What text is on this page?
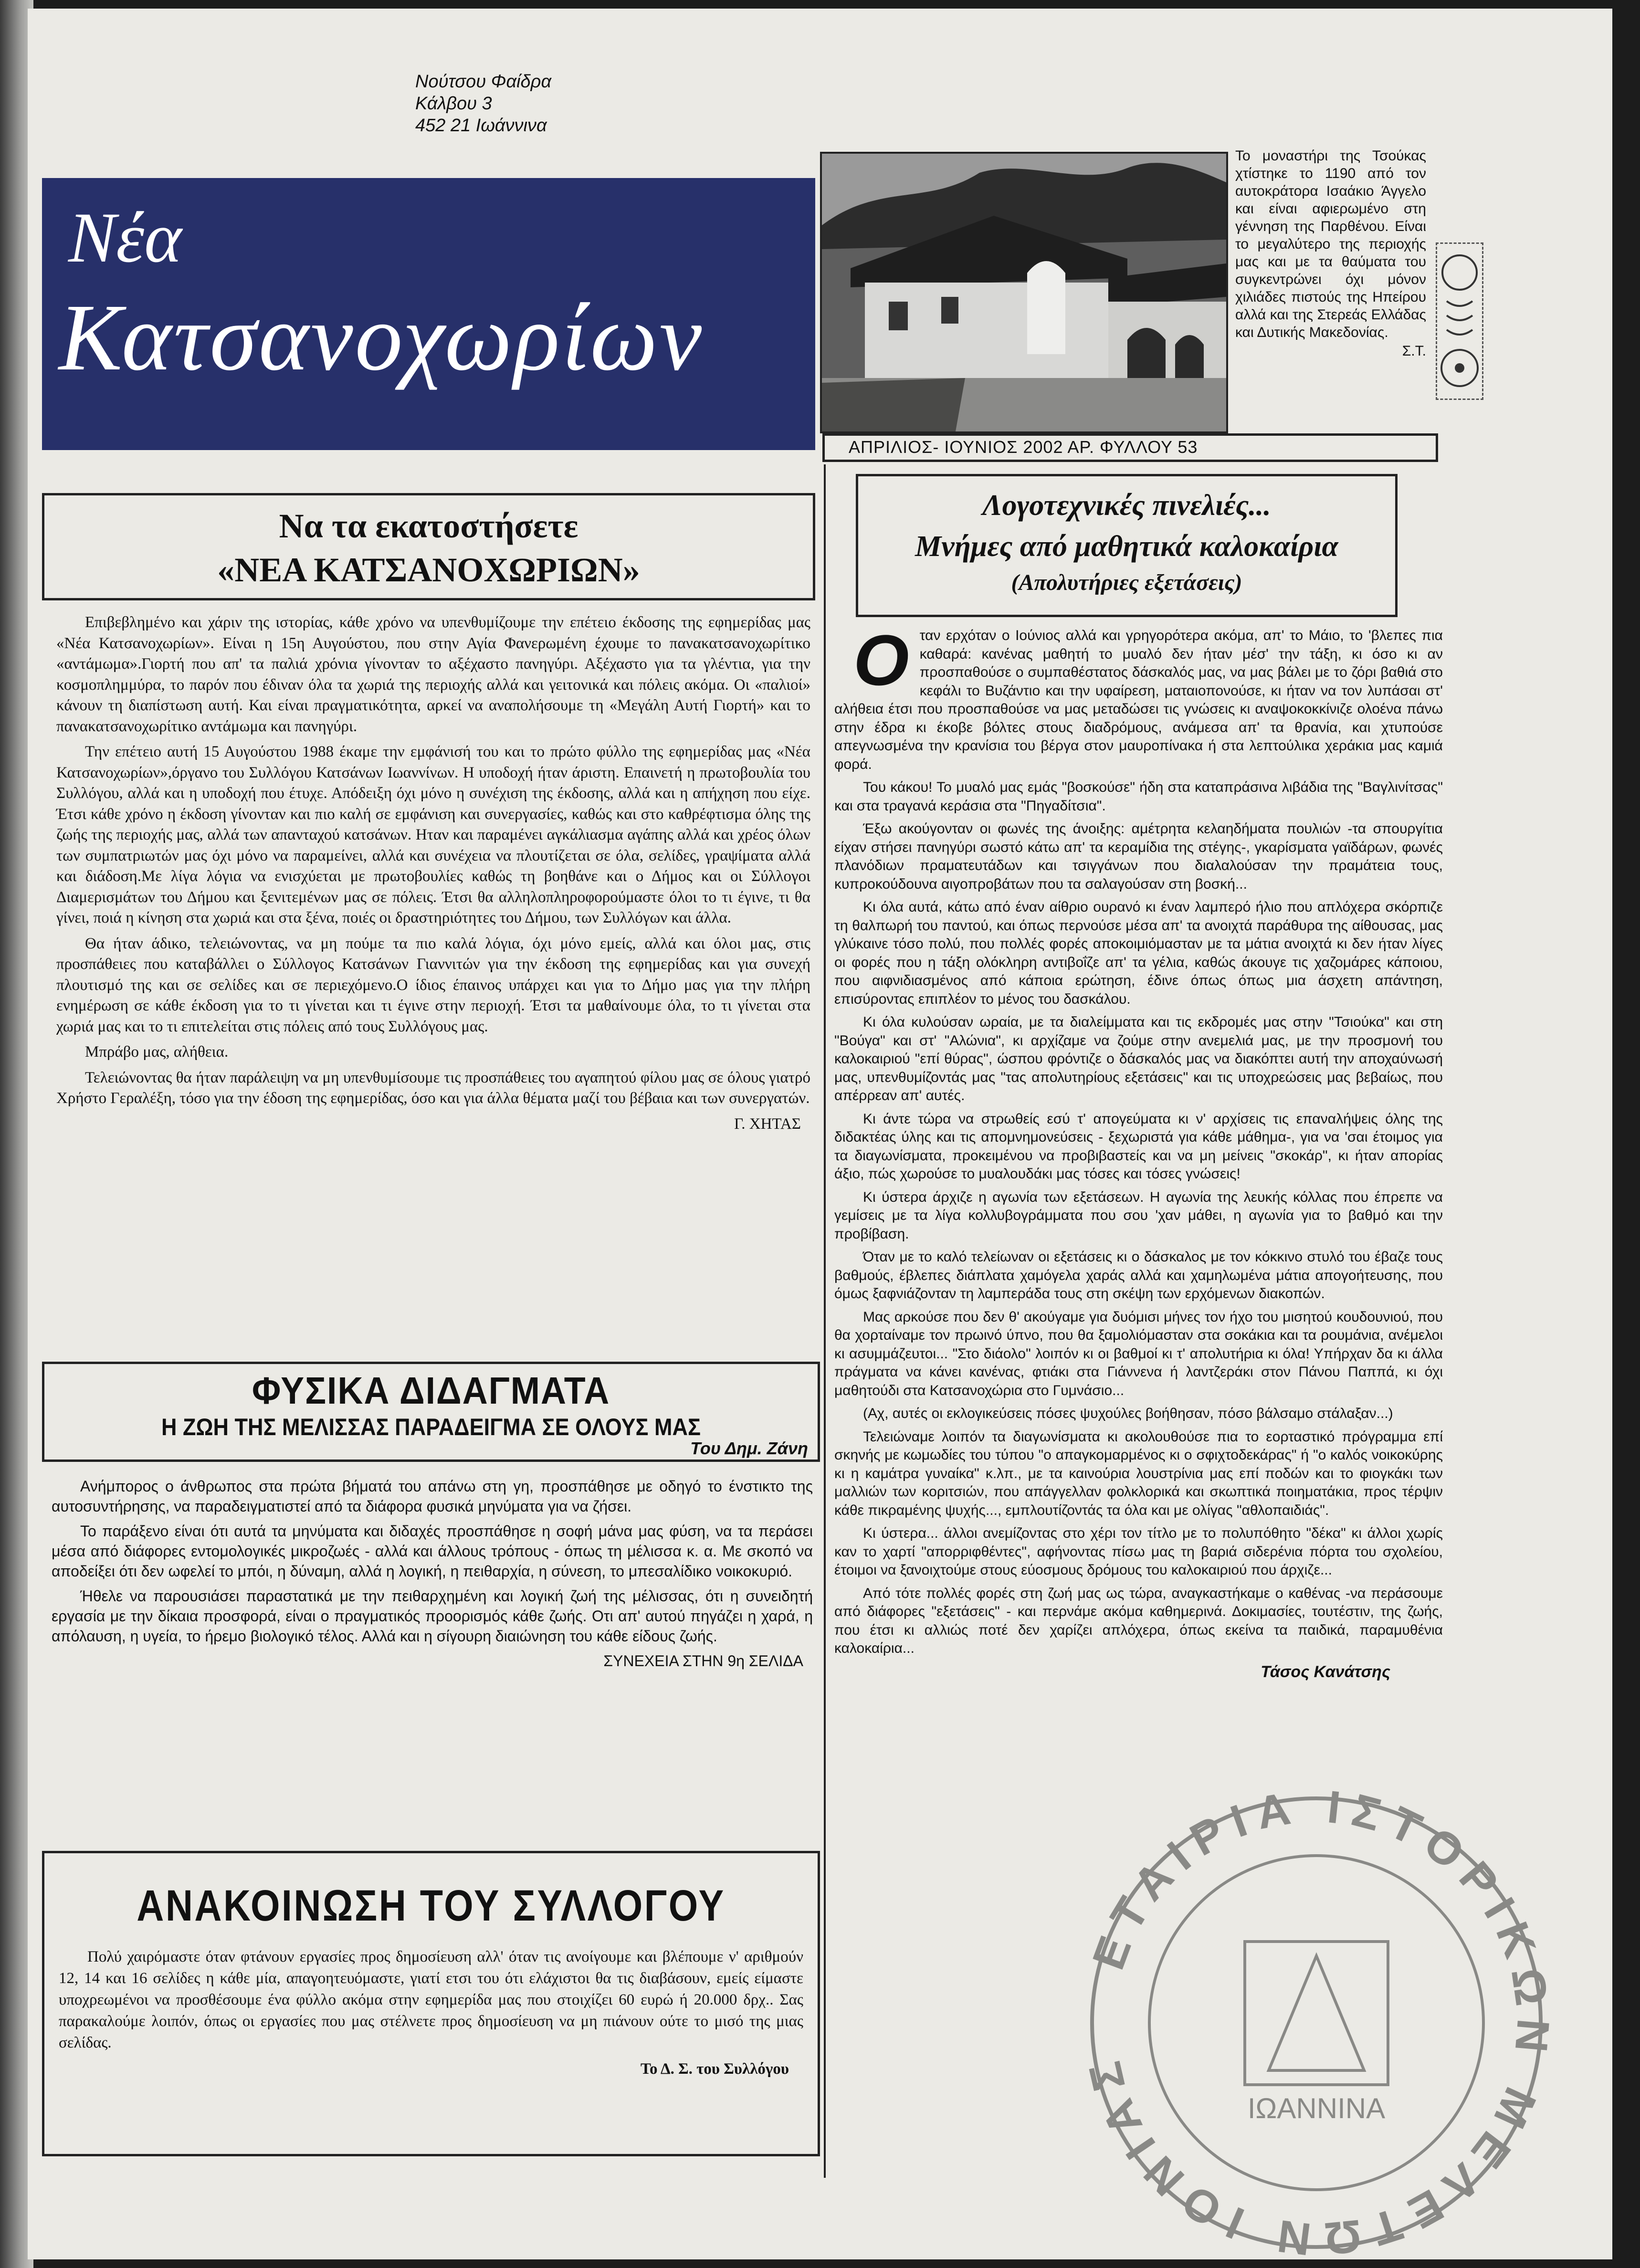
Νούτσου Φαίδρα
Κάλβου 3
452 21 Ιωάννινα
Νέα
Κατσανοχωρίων
Το μοναστήρι της Τσούκας χτίστηκε το 1190 από τον αυτοκράτορα Ισαάκιο Άγγελο και είναι αφιερωμένο στη γέννηση της Παρθένου. Είναι το μεγαλύτερο της περιοχής μας και με τα θαύματα του συγκεντρώνει όχι μόνον χιλιάδες πιστούς της Ηπείρου αλλά και της Στερεάς Ελλάδας και Δυτικής Μακεδονίας.
Σ.Τ.
ΑΠΡΙΛΙΟΣ- ΙΟΥΝΙΟΣ 2002 ΑΡ. ΦΥΛΛΟΥ 53
Να τα εκατοστήσετε
«ΝΕΑ ΚΑΤΣΑΝΟΧΩΡΙΩΝ»

Επιβεβλημένο και χάριν της ιστορίας, κάθε χρόνο να υπενθυμίζουμε την επέτειο έκδοσης της εφημερίδας μας «Νέα Κατσανοχωρίων». Είναι η 15η Αυγούστου, που στην Αγία Φανερωμένη έχουμε το πανακατσανοχωρίτικο «αντάμωμα».Γιορτή που απ' τα παλιά χρόνια γίνονταν το αξέχαστο πανηγύρι. Αξέχαστο για τα γλέντια, για την κοσμοπλημμύρα, το παρόν που έδιναν όλα τα χωριά της περιοχής αλλά και γειτονικά και πόλεις ακόμα. Οι «παλιοί» κάνουν τη διαπίστωση αυτή. Και είναι πραγματικότητα, αρκεί να αναπολήσουμε τη «Μεγάλη Αυτή Γιορτή» και το πανακατσανοχωρίτικο αντάμωμα και πανηγύρι.

Την επέτειο αυτή 15 Αυγούστου 1988 έκαμε την εμφάνισή του και το πρώτο φύλλο της εφημερίδας μας «Νέα Κατσανοχωρίων»,όργανο του Συλλόγου Κατσάνων Ιωαννίνων. Η υποδοχή ήταν άριστη. Επαινετή η πρωτοβουλία του Συλλόγου, αλλά και η υποδοχή που έτυχε. Απόδειξη όχι μόνο η συνέχιση της έκδοσης, αλλά και η απήχηση που είχε. Έτσι κάθε χρόνο η έκδοση γίνονταν και πιο καλή σε εμφάνιση και συνεργασίες, καθώς και στο καθρέφτισμα όλης της ζωής της περιοχής μας, αλλά των απανταχού κατσάνων. Ηταν και παραμένει αγκάλιασμα αγάπης αλλά και χρέος όλων των συμπατριωτών μας όχι μόνο να παραμείνει, αλλά και συνέχεια να πλουτίζεται σε όλα, σελίδες, γραψίματα αλλά και διάδοση.Με λίγα λόγια να ενισχύεται με πρωτοβουλίες καθώς τη βοηθάνε και ο Δήμος και οι Σύλλογοι Διαμερισμάτων του Δήμου και ξενιτεμένων μας σε πόλεις. Έτσι θα αλληλοπληροφορούμαστε όλοι το τι έγινε, τι θα γίνει, ποιά η κίνηση στα χωριά και στα ξένα, ποιές οι δραστηριότητες του Δήμου, των Συλλόγων και άλλα.

Θα ήταν άδικο, τελειώνοντας, να μη πούμε τα πιο καλά λόγια, όχι μόνο εμείς, αλλά και όλοι μας, στις προσπάθειες που καταβάλλει ο Σύλλογος Κατσάνων Γιαννιτών για την έκδοση της εφημερίδας και για συνεχή πλουτισμό της και σε σελίδες και σε περιεχόμενο.Ο ίδιος έπαινος υπάρχει και για το Δήμο μας για την πλήρη ενημέρωση σε κάθε έκδοση για το τι γίνεται και τι έγινε στην περιοχή. Έτσι τα μαθαίνουμε όλα, το τι γίνεται στα χωριά μας και το τι επιτελείται στις πόλεις από τους Συλλόγους μας.

Μπράβο μας, αλήθεια.

Τελειώνοντας θα ήταν παράλειψη να μη υπενθυμίσουμε τις προσπάθειες του αγαπητού φίλου μας σε όλους γιατρό Χρήστο Γεραλέξη, τόσο για την έδοση της εφημερίδας, όσο και για άλλα θέματα μαζί του βέβαια και των συνεργατών.

Γ. ΧΗΤΑΣ
ΦΥΣΙΚΑ ΔΙΔΑΓΜΑΤΑ
Η ΖΩΗ ΤΗΣ ΜΕΛΙΣΣΑΣ ΠΑΡΑΔΕΙΓΜΑ ΣΕ ΟΛΟΥΣ ΜΑΣ
Του Δημ. Ζάνη

Ανήμπορος ο άνθρωπος στα πρώτα βήματά του απάνω στη γη, προσπάθησε με οδηγό το ένστικτο της αυτοσυντήρησης, να παραδειγματιστεί από τα διάφορα φυσικά μηνύματα για να ζήσει.

Το παράξενο είναι ότι αυτά τα μηνύματα και διδαχές προσπάθησε η σοφή μάνα μας φύση, να τα περάσει μέσα από διάφορες εντομολογικές μικροζωές - αλλά και άλλους τρόπους - όπως τη μέλισσα κ. α. Με σκοπό να αποδείξει ότι δεν ωφελεί το μπόι, η δύναμη, αλλά η λογική, η πειθαρχία, η σύνεση, το μπεσαλίδικο νοικοκυριό.

Ήθελε να παρουσιάσει παραστατικά με την πειθαρχημένη και λογική ζωή της μέλισσας, ότι η συνειδητή εργασία με την δίκαια προσφορά, είναι ο πραγματικός προορισμός κάθε ζωής. Οτι απ' αυτού πηγάζει η χαρά, η απόλαυση, η υγεία, το ήρεμο βιολογικό τέλος. Αλλά και η σίγουρη διαιώνηση του κάθε είδους ζωής.

ΣΥΝΕΧΕΙΑ ΣΤΗΝ 9η ΣΕΛΙΔΑ
ΑΝΑΚΟΙΝΩΣΗ ΤΟΥ ΣΥΛΛΟΓΟΥ
Πολύ χαιρόμαστε όταν φτάνουν εργασίες προς δημοσίευση αλλ' όταν τις ανοίγουμε και βλέπουμε ν' αριθμούν 12, 14 και 16 σελίδες η κάθε μία, απαγοητευόμαστε, γιατί ετσι του ότι ελάχιστοι θα τις διαβάσουν, εμείς είμαστε υποχρεωμένοι να προσθέσουμε ένα φύλλο ακόμα στην εφημερίδα μας που στοιχίζει 60 ευρώ ή 20.000 δρχ.. Σας παρακαλούμε λοιπόν, όπως οι εργασίες που μας στέλνετε προς δημοσίευση να μη πιάνουν ούτε το μισό της μιας σελίδας.
Το Δ. Σ. του Συλλόγου
Λογοτεχνικές πινελιές...
Μνήμες από μαθητικά καλοκαίρια
(Απολυτήριες εξετάσεις)
Ο ταν ερχόταν ο Ιούνιος αλλά και γρηγορότερα ακόμα, απ' το Μάιο, το 'βλεπες πια καθαρά: κανένας μαθητή το μυαλό δεν ήταν μέσ' την τάξη, κι όσο κι αν προσπαθούσε ο συμπαθέστατος δάσκαλός μας, να μας βάλει με το ζόρι βαθιά στο κεφάλι το Βυζάντιο και την υφαίρεση, ματαιοπονούσε, κι ήταν να τον λυπάσαι στ' αλήθεια έτσι που προσπαθούσε να μας μεταδώσει τις γνώσεις κι αναψοκοκκίνιζε ολοένα πάνω στην έδρα κι έκοβε βόλτες στους διαδρόμους, ανάμεσα απ' τα θρανία, και χτυπούσε απεγνωσμένα την κρανίσια του βέργα στον μαυροπίνακα ή στα λεπτούλικα χεράκια μας καμιά φορά.

Του κάκου! Το μυαλό μας εμάς "βοσκούσε" ήδη στα καταπράσινα λιβάδια της "Βαγλινίτσας" και στα τραγανά κεράσια στα "Πηγαδίτσια".

Έξω ακούγονταν οι φωνές της άνοιξης: αμέτρητα κελαηδήματα πουλιών -τα σπουργίτια είχαν στήσει πανηγύρι σωστό κάτω απ' τα κεραμίδια της στέγης-, γκαρίσματα γαϊδάρων, φωνές πλανόδιων πραματευτάδων και τσιγγάνων που διαλαλούσαν την πραμάτεια τους, κυπροκούδουνα αιγοπροβάτων που τα σαλαγούσαν στη βοσκή...

Κι όλα αυτά, κάτω από έναν αίθριο ουρανό κι έναν λαμπερό ήλιο που απλόχερα σκόρπιζε τη θαλπωρή του παντού, και όπως περνούσε μέσα απ' τα ανοιχτά παράθυρα της αίθουσας, μας γλύκαινε τόσο πολύ, που πολλές φορές αποκοιμιόμασταν με τα μάτια ανοιχτά κι δεν ήταν λίγες οι φορές που η τάξη ολόκληρη αντιβοΐζε απ' τα γέλια, καθώς άκουγε τις χαζομάρες κάποιου, που αιφνιδιασμένος από κάποια ερώτηση, έδινε όπως όπως μια άσχετη απάντηση, επισύροντας επιπλέον το μένος του δασκάλου.

Κι όλα κυλούσαν ωραία, με τα διαλείμματα και τις εκδρομές μας στην "Τσιούκα" και στη "Βούγα" και στ' "Αλώνια", κι αρχίζαμε να ζούμε στην ανεμελιά μας, με την προσμονή του καλοκαιριού "επί θύρας", ώσπου φρόντιζε ο δάσκαλός μας να διακόπτει αυτή την αποχαύνωσή μας, υπενθυμίζοντάς μας "τας απολυτηρίους εξετάσεις" και τις υποχρεώσεις μας βεβαίως, που απέρρεαν απ' αυτές.

Κι άντε τώρα να στρωθείς εσύ τ' απογεύματα κι ν' αρχίσεις τις επαναλήψεις όλης της διδακτέας ύλης και τις απομνημονεύσεις - ξεχωριστά για κάθε μάθημα-, για να 'σαι έτοιμος για τα διαγωνίσματα, προκειμένου να προβιβαστείς και να μη μείνεις "σκοκάρ", κι ήταν απορίας άξιο, πώς χωρούσε το μυαλουδάκι μας τόσες και τόσες γνώσεις!

Κι ύστερα άρχιζε η αγωνία των εξετάσεων. Η αγωνία της λευκής κόλλας που έπρεπε να γεμίσεις με τα λίγα κολλυβογράμματα που σου 'χαν μάθει, η αγωνία για το βαθμό και την προβίβαση.

Όταν με το καλό τελείωναν οι εξετάσεις κι ο δάσκαλος με τον κόκκινο στυλό του έβαζε τους βαθμούς, έβλεπες διάπλατα χαμόγελα χαράς αλλά και χαμηλωμένα μάτια απογοήτευσης, που όμως ξαφνιάζονταν τη λαμπεράδα τους στη σκέψη των ερχόμενων διακοπών.

Μας αρκούσε που δεν θ' ακούγαμε για δυόμισι μήνες τον ήχο του μισητού κουδουνιού, που θα χορταίναμε τον πρωινό ύπνο, που θα ξαμολιόμασταν στα σοκάκια και τα ρουμάνια, ανέμελοι κι ασυμμάζευτοι... "Στο διάολο" λοιπόν κι οι βαθμοί κι τ' απολυτήρια κι όλα! Υπήρχαν δα κι άλλα πράγματα να κάνει κανένας, φτιάκι στα Γιάννενα ή λαντζεράκι στον Πάνου Παππά, κι όχι μαθητούδι στα Κατσανοχώρια στο Γυμνάσιο...

(Αχ, αυτές οι εκλογικεύσεις πόσες ψυχούλες βοήθησαν, πόσο βάλσαμο στάλαξαν...)

Τελειώναμε λοιπόν τα διαγωνίσματα κι ακολουθούσε πια το εορταστικό πρόγραμμα επί σκηνής με κωμωδίες του τύπου "ο απαγκομαρμένος κι ο σφιχτοδεκάρας" ή "ο καλός νοικοκύρης κι η καμάτρα γυναίκα" κ.λπ., με τα καινούρια λουστρίνια μας επί ποδών και το φιογκάκι των μαλλιών των κοριτσιών, που απάγγελλαν φολκλορικά και σκωπτικά ποιηματάκια, προς τέρψιν κάθε πικραμένης ψυχής..., εμπλουτίζοντάς τα όλα και με ολίγας "αθλοπαιδιάς".

Κι ύστερα... άλλοι ανεμίζοντας στο χέρι τον τίτλο με το πολυπόθητο "δέκα" κι άλλοι χωρίς καν το χαρτί "απορριφθέντες", αφήνοντας πίσω μας τη βαριά σιδερένια πόρτα του σχολείου, έτοιμοι να ξανοιχτούμε στους εύοσμους δρόμους του καλοκαιριού που άρχιζε...

Από τότε πολλές φορές στη ζωή μας ως τώρα, αναγκαστήκαμε ο καθένας -να περάσουμε από διάφορες "εξετάσεις" - και περνάμε ακόμα καθημερινά. Δοκιμασίες, τουτέστιν, της ζωής, που έτσι κι αλλιώς ποτέ δεν χαρίζει απλόχερα, όπως εκείνα τα παιδικά, παραμυθένια καλοκαίρια...

Τάσος Κανάτσης
ΕΤΑΙΡΙΑ ΙΣΤΟΡΙΚΩΝ ΜΕΛΕΤΩΝ ΙΟΝΙΑΣ
ΙΩΑΝΝΙΝΑ
